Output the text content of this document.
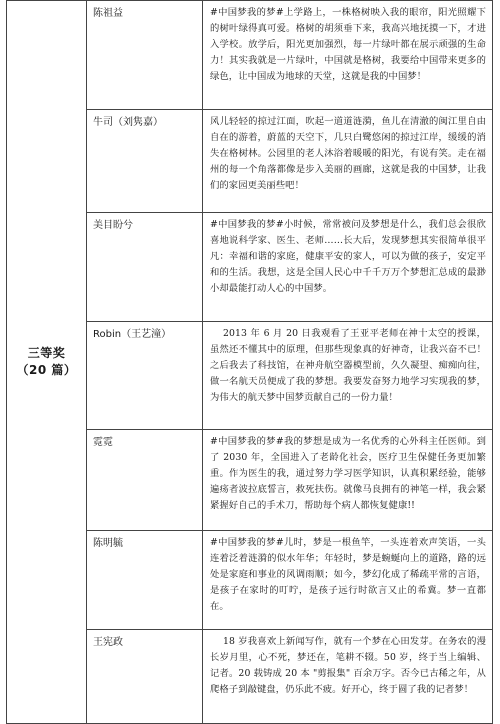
三等奖
（20 篇）	陈祖益	#中国梦我的梦#上学路上，一株格树映入我的眼帘，阳光照耀下的树叶绿得真可爱。格树的胡须垂下来，我高兴地抚摸一下，才进入学校。放学后，阳光更加强烈，每一片绿叶都在展示顽强的生命力！其实我就是一片绿叶，中国就是格树，我要给中国带来更多的绿色，让中国成为地球的天堂，这就是我的中国梦！

	牛司（刘隽嘉）	风儿轻轻的掠过江面，吹起一道道涟漪，鱼儿在清澈的闽江里自由自在的游着，蔚蓝的天空下，几只白鹭悠闲的掠过江岸，缓缓的消失在格树林。公园里的老人沐浴着暖暖的阳光，有说有笑。走在福州的每一个角落都像是步入美丽的画廊，这就是我的中国梦，让我们的家园更美丽些吧！

	美目盼兮	#中国梦我的梦#小时候，常常被问及梦想是什么，我们总会很欣喜地说科学家、医生、老师……长大后，发现梦想其实很简单很平凡：幸福和谐的家庭，健康平安的家人，可以为做的孩子，安定平和的生活。我想，这是全国人民心中千千万万个梦想汇总成的最渺小却最能打动人心的中国梦。

	Robin（王艺潼）	2013 年 6 月 20 日我观看了王亚平老师在神十太空的授课，虽然还不懂其中的原理，但那些现象真的好神奇，让我兴奋不已！之后我去了科技馆，在神舟航空器模型前，久久凝望、痴痴向往，做一名航天员便成了我的梦想。我要发奋努力地学习实现我的梦，为伟大的航天梦中国梦贡献自己的一份力量！

	霓霓	#中国梦我的梦#我的梦想是成为一名优秀的心外科主任医师。到了 2030 年，全国进入了老龄化社会，医疗卫生保健任务更加繁重。作为医生的我，通过努力学习医学知识，认真积累经验，能够遍疡者波拉底誓言，救死扶伤。就像马良拥有的神笔一样，我会紧紧握好自己的手术刀，帮助每个病人都恢复健康!!

	陈明毓	#中国梦我的梦#儿时，梦是一根鱼竿，一头连着欢声笑语，一头连着泛着涟漪的似水年华；年轻时，梦是蜿蜒向上的道路，路的远处是家庭和事业的风调雨顺；如今，梦幻化成了稀疏平常的言语，是孩子在家时的叮咛，是孩子远行时欲言又止的希冀。梦一直都在。

	王宪政	18 岁我喜欢上新闻写作，就有一个梦在心田发芽。在务农的漫长岁月里，心不死，梦还在，笔耕不辍。50 岁，终于当上编辑、记者。20 载铸成 20 本 "剪报集" 百余万字。否今已古稀之年，从爬格子到敲键盘，仍乐此不疲。好开心，终于圆了我的记者梦！
